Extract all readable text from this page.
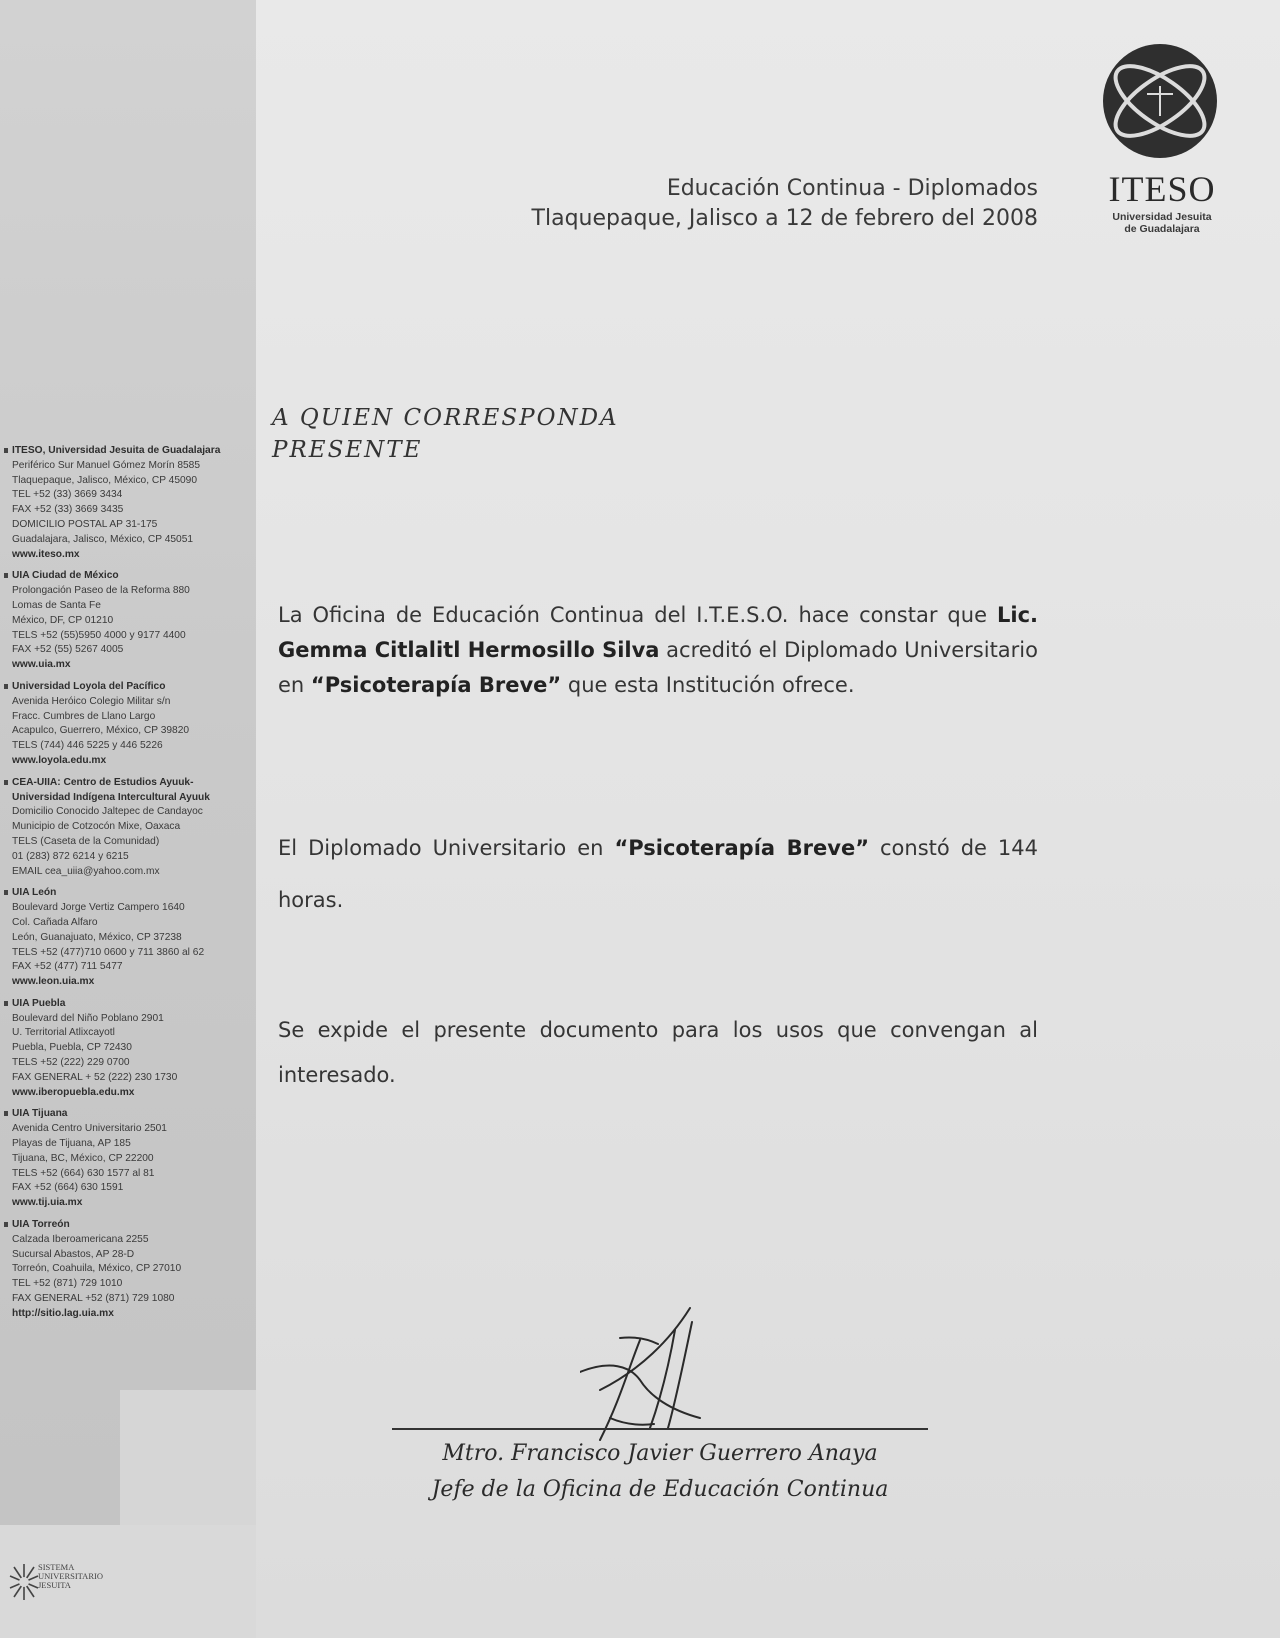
ITESO, Universidad Jesuita de Guadalajara
Periférico Sur Manuel Gómez Morín 8585
Tlaquepaque, Jalisco, México, CP 45090
TEL +52 (33) 3669 3434
FAX +52 (33) 3669 3435
DOMICILIO POSTAL AP 31-175
Guadalajara, Jalisco, México, CP 45051
www.iteso.mx
UIA Ciudad de México
Prolongación Paseo de la Reforma 880
Lomas de Santa Fe
México, DF, CP 01210
TELS +52 (55)5950 4000 y 9177 4400
FAX +52 (55) 5267 4005
www.uia.mx
Universidad Loyola del Pacífico
Avenida Heróico Colegio Militar s/n
Fracc. Cumbres de Llano Largo
Acapulco, Guerrero, México, CP 39820
TELS (744) 446 5225 y 446 5226
www.loyola.edu.mx
CEA-UIIA: Centro de Estudios Ayuuk-
Universidad Indígena Intercultural Ayuuk
Domicilio Conocido Jaltepec de Candayoc
Municipio de Cotzocón Mixe, Oaxaca
TELS (Caseta de la Comunidad)
01 (283) 872 6214 y 6215
EMAIL cea_uiia@yahoo.com.mx
UIA León
Boulevard Jorge Vertiz Campero 1640
Col. Cañada Alfaro
León, Guanajuato, México, CP 37238
TELS +52 (477)710 0600 y 711 3860 al 62
FAX +52 (477) 711 5477
www.leon.uia.mx
UIA Puebla
Boulevard del Niño Poblano 2901
U. Territorial Atlixcayotl
Puebla, Puebla, CP 72430
TELS +52 (222) 229 0700
FAX GENERAL + 52 (222) 230 1730
www.iberopuebla.edu.mx
UIA Tijuana
Avenida Centro Universitario 2501
Playas de Tijuana, AP 185
Tijuana, BC, México, CP 22200
TELS +52 (664) 630 1577 al 81
FAX +52 (664) 630 1591
www.tij.uia.mx
UIA Torreón
Calzada Iberoamericana 2255
Sucursal Abastos, AP 28-D
Torreón, Coahuila, México, CP 27010
TEL +52 (871) 729 1010
FAX GENERAL +52 (871) 729 1080
http://sitio.lag.uia.mx
SISTEMA
UNIVERSITARIO
JESUITA
Educación Continua - Diplomados
Tlaquepaque, Jalisco a 12 de febrero del 2008
ITESO
Universidad Jesuita
de Guadalajara
A QUIEN CORRESPONDA
PRESENTE
La Oficina de Educación Continua del I.T.E.S.O. hace constar que Lic. Gemma Citlalitl Hermosillo Silva acreditó el Diplomado Universitario en “Psicoterapía Breve” que esta Institución ofrece.
El Diplomado Universitario en “Psicoterapía Breve” constó de 144 horas.
Se expide el presente documento para los usos que convengan al interesado.
Mtro. Francisco Javier Guerrero Anaya
Jefe de la Oficina de Educación Continua
